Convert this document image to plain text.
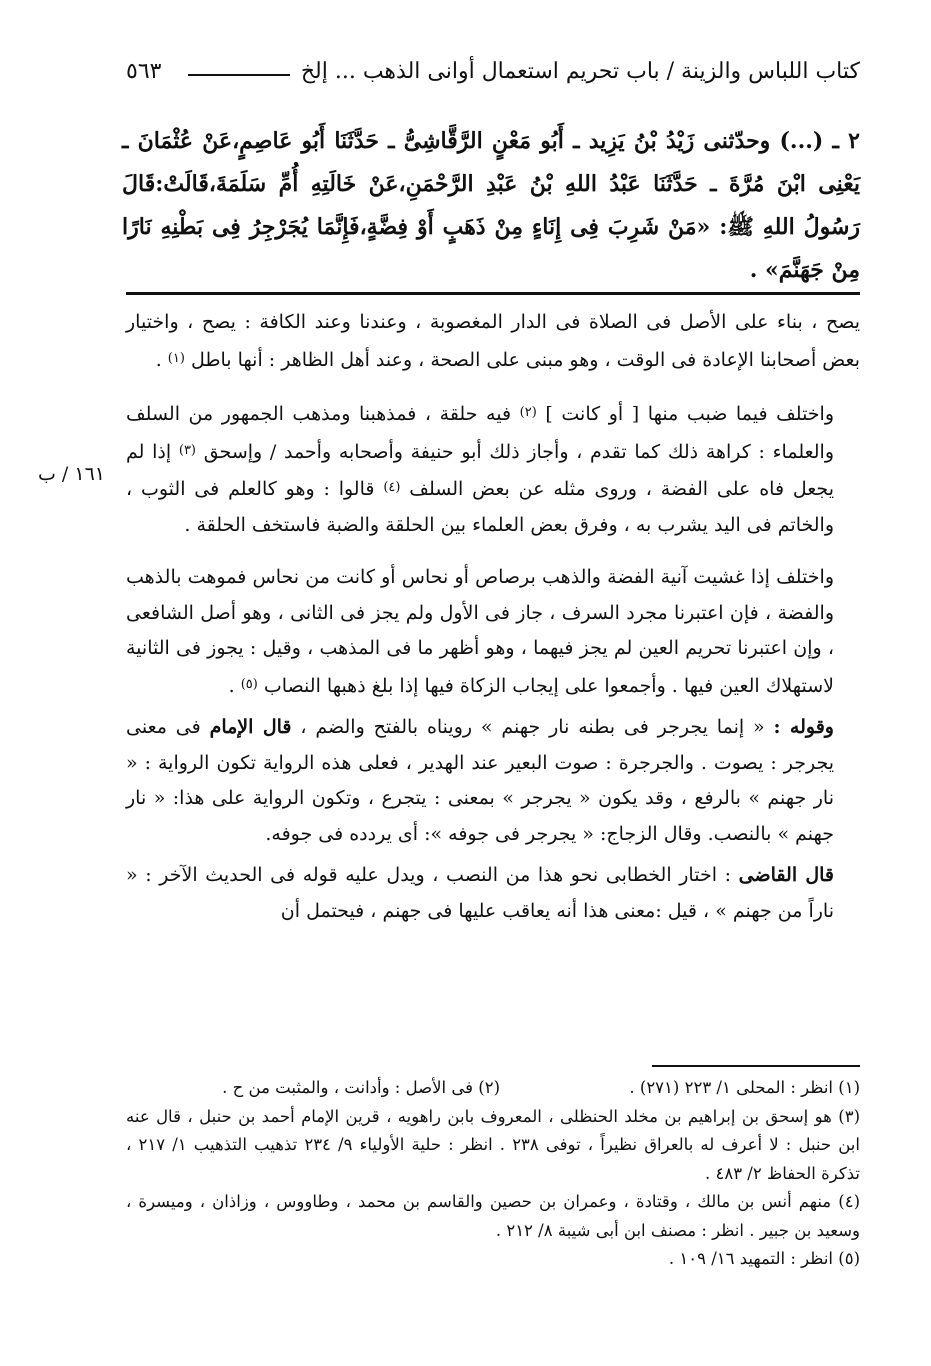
كتاب اللباس والزينة / باب تحريم استعمال أوانى الذهب ... إلخ
٥٦٣

٢ ـ (...) وحدّثنى زَيْدُ بْنُ يَزِيد ـ أَبُو مَعْنٍ الرَّقَّاشِىُّ ـ حَدَّثَنَا أَبُو عَاصِمٍ،عَنْ عُثْمَانَ ـ يَعْنِى ابْنَ مُرَّةَ ـ حَدَّثَنَا عَبْدُ اللهِ بْنُ عَبْدِ الرَّحْمَنِ،عَنْ خَالَتِهِ أُمِّ سَلَمَةَ،قَالَتْ:قَالَ رَسُولُ اللهِ ﷺ: «مَنْ شَرِبَ فِى إِنَاءٍ مِنْ ذَهَبٍ أَوْ فِضَّةٍ،فَإِنَّمَا يُجَرْجِرُ فِى بَطْنِهِ نَارًا مِنْ جَهَنَّمَ» .

١٦١ / ب

يصح ، بناء على الأصل فى الصلاة فى الدار المغصوبة ، وعندنا وعند الكافة : يصح ، واختيار بعض أصحابنا الإعادة فى الوقت ، وهو مبنى على الصحة ، وعند أهل الظاهر : أنها باطل $^{(١)}$ .

واختلف فيما ضبب منها [ أو كانت ] $^{(٢)}$ فيه حلقة ، فمذهبنا ومذهب الجمهور من السلف والعلماء : كراهة ذلك كما تقدم ، وأجاز ذلك أبو حنيفة وأصحابه وأحمد / وإسحق $^{(٣)}$ إذا لم يجعل فاه على الفضة ، وروى مثله عن بعض السلف $^{(٤)}$ قالوا : وهو كالعلم فى الثوب ، والخاتم فى اليد يشرب به ، وفرق بعض العلماء بين الحلقة والضبة فاستخف الحلقة .

واختلف إذا غشيت آنية الفضة والذهب برصاص أو نحاس أو كانت من نحاس فموهت بالذهب والفضة ، فإن اعتبرنا مجرد السرف ، جاز فى الأول ولم يجز فى الثانى ، وهو أصل الشافعى ، وإن اعتبرنا تحريم العين لم يجز فيهما ، وهو أظهر ما فى المذهب ، وقيل : يجوز فى الثانية لاستهلاك العين فيها . وأجمعوا على إيجاب الزكاة فيها إذا بلغ ذهبها النصاب $^{(٥)}$ .

وقوله : « إنما يجرجر فى بطنه نار جهنم » رويناه بالفتح والضم ، قال الإمام فى معنى يجرجر : يصوت . والجرجرة : صوت البعير عند الهدير ، فعلى هذه الرواية تكون الرواية : « نار جهنم » بالرفع ، وقد يكون « يجرجر » بمعنى : يتجرع ، وتكون الرواية على هذا: « نار جهنم » بالنصب. وقال الزجاج: « يجرجر فى جوفه »: أى يردده فى جوفه.

قال القاضى : اختار الخطابى نحو هذا من النصب ، ويدل عليه قوله فى الحديث الآخر : « ناراً من جهنم » ، قيل :معنى هذا أنه يعاقب عليها فى جهنم ، فيحتمل أن

(١) انظر : المحلى ١/ ٢٢٣ (٢٧١) .
(٢) فى الأصل : وأدانت ، والمثبت من ح .

(٣) هو إسحق بن إبراهيم بن مخلد الحنظلى ، المعروف بابن راهويه ، قرين الإمام أحمد بن حنبل ، قال عنه ابن حنبل : لا أعرف له بالعراق نظيراً ، توفى ٢٣٨ . انظر : حلية الأولياء ٩/ ٢٣٤ تذهيب التذهيب ١/ ٢١٧ ، تذكرة الحفاظ ٢/ ٤٨٣ .

(٤) منهم أنس بن مالك ، وقتادة ، وعمران بن حصين والقاسم بن محمد ، وطاووس ، وزاذان ، وميسرة ، وسعيد بن جبير . انظر : مصنف ابن أبى شيبة ٨/ ٢١٢ .

(٥) انظر : التمهيد ١٦/ ١٠٩ .
